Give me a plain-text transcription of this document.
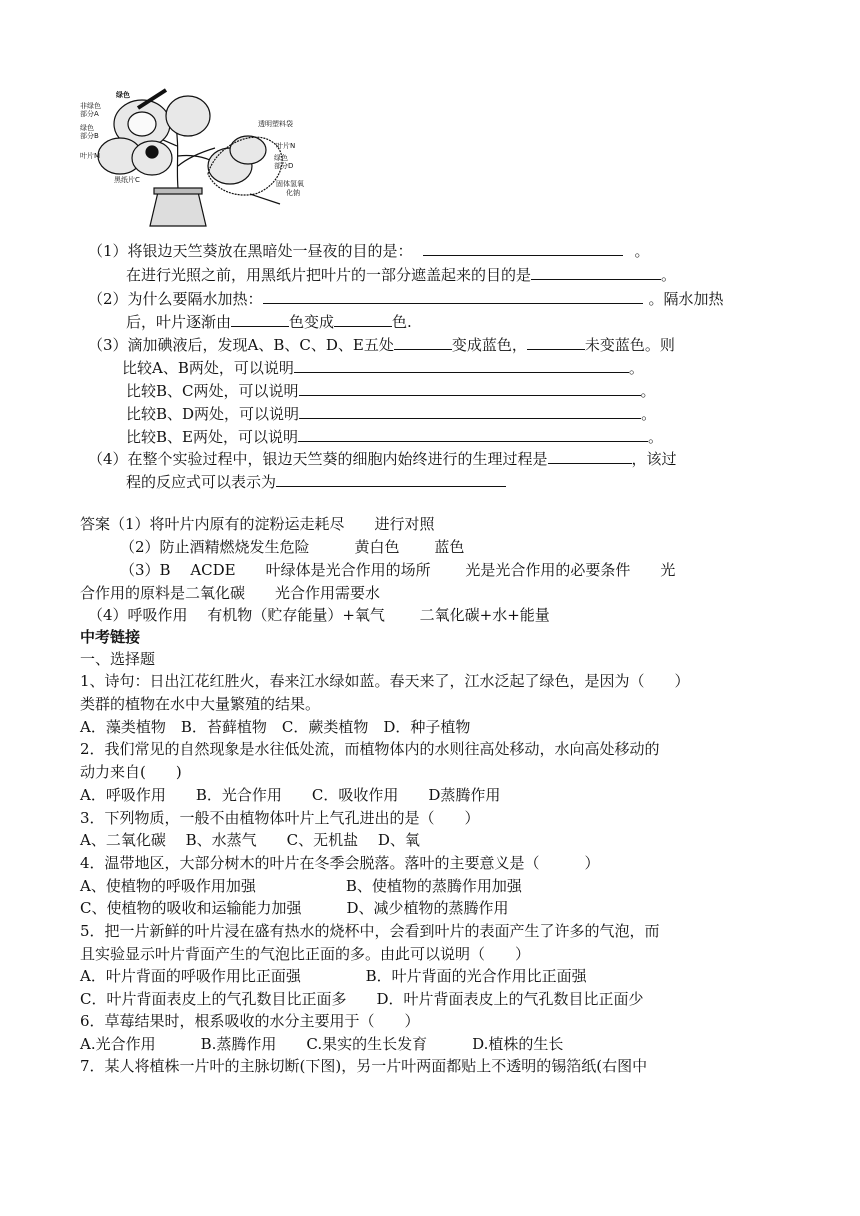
绿色
非绿色
部分A
绿色
部分B
叶片M
黑纸片C
透明塑料袋
叶片N
绿色
部分D
固体氢氧
化钠
（1）将银边天竺葵放在黑暗处一昼夜的目的是：	。
在进行光照之前，用黑纸片把叶片的一部分遮盖起来的目的是	。
（2）为什么要隔水加热：	。隔水加热
后，叶片逐渐由	色变成	色.
（3）滴加碘液后，发现A、B、C、D、E五处	变成蓝色，	未变蓝色。则
比较A、B两处，可以说明	。
比较B、C两处，可以说明	。
比较B、D两处，可以说明	。
比较B、E两处，可以说明	。
（4）在整个实验过程中，银边天竺葵的细胞内始终进行的生理过程是	，该过
程的反应式可以表示为
答案（1）将叶片内原有的淀粉运走耗尽　　进行对照
（2）防止酒精燃烧发生危险　　　黄白色　　 蓝色
（3）B　 ACDE　　叶绿体是光合作用的场所　　 光是光合作用的必要条件　　光
合作用的原料是二氧化碳　　光合作用需要水
（4）呼吸作用　 有机物（贮存能量）+氧气　　 二氧化碳+水+能量
中考链接
一、选择题
1、诗句：日出江花红胜火，春来江水绿如蓝。春天来了，江水泛起了绿色，是因为（　　）
类群的植物在水中大量繁殖的结果。
A．藻类植物　B．苔藓植物　C．蕨类植物　D．种子植物
2．我们常见的自然现象是水往低处流，而植物体内的水则往高处移动，水向高处移动的
动力来自(　　)
A．呼吸作用　　B．光合作用　　C．吸收作用　　D蒸腾作用
3．下列物质，一般不由植物体叶片上气孔进出的是（　　）
A、二氧化碳　 B、水蒸气　　C、无机盐　 D、氧
4．温带地区，大部分树木的叶片在冬季会脱落。落叶的主要意义是（　　　）
A、使植物的呼吸作用加强　　　　　　B、使植物的蒸腾作用加强
C、使植物的吸收和运输能力加强　　　D、减少植物的蒸腾作用
5．把一片新鲜的叶片浸在盛有热水的烧杯中，会看到叶片的表面产生了许多的气泡，而
且实验显示叶片背面产生的气泡比正面的多。由此可以说明（　　）
A．叶片背面的呼吸作用比正面强　　　　 B．叶片背面的光合作用比正面强
C．叶片背面表皮上的气孔数目比正面多　　D．叶片背面表皮上的气孔数目比正面少
6．草莓结果时，根系吸收的水分主要用于（　　）
A.光合作用　　　B.蒸腾作用　　C.果实的生长发育　　　D.植株的生长
7．某人将植株一片叶的主脉切断(下图)，另一片叶两面都贴上不透明的锡箔纸(右图中
